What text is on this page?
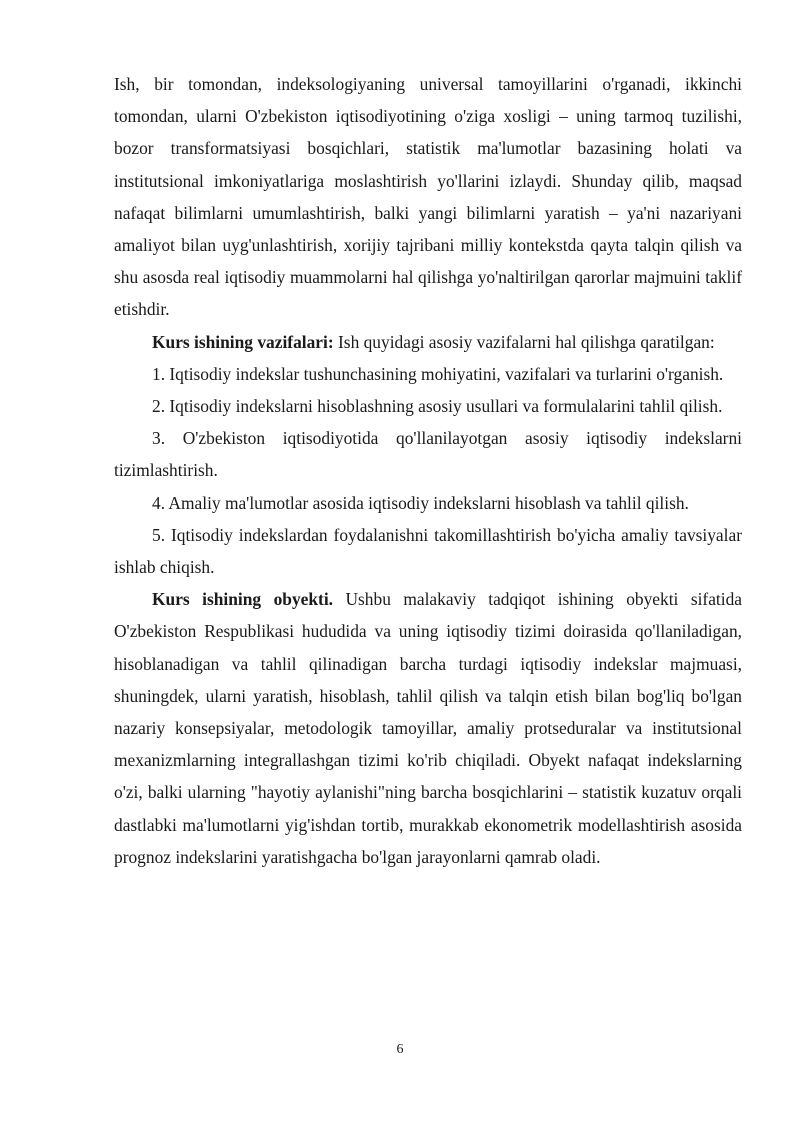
Ish, bir tomondan, indeksologiyaning universal tamoyillarini o'rganadi, ikkinchi tomondan, ularni O'zbekiston iqtisodiyotining o'ziga xosligi – uning tarmoq tuzilishi, bozor transformatsiyasi bosqichlari, statistik ma'lumotlar bazasining holati va institutsional imkoniyatlariga moslashtirish yo'llarini izlaydi. Shunday qilib, maqsad nafaqat bilimlarni umumlashtirish, balki yangi bilimlarni yaratish – ya'ni nazariyani amaliyot bilan uyg'unlashtirish, xorijiy tajribani milliy kontekstda qayta talqin qilish va shu asosda real iqtisodiy muammolarni hal qilishga yo'naltirilgan qarorlar majmuini taklif etishdir.

Kurs ishining vazifalari: Ish quyidagi asosiy vazifalarni hal qilishga qaratilgan:

1. Iqtisodiy indekslar tushunchasining mohiyatini, vazifalari va turlarini o'rganish.

2. Iqtisodiy indekslarni hisoblashning asosiy usullari va formulalarini tahlil qilish.

3. O'zbekiston iqtisodiyotida qo'llanilayotgan asosiy iqtisodiy indekslarni tizimlashtirish.

4. Amaliy ma'lumotlar asosida iqtisodiy indekslarni hisoblash va tahlil qilish.

5. Iqtisodiy indekslardan foydalanishni takomillashtirish bo'yicha amaliy tavsiyalar ishlab chiqish.

Kurs ishining obyekti. Ushbu malakaviy tadqiqot ishining obyekti sifatida O'zbekiston Respublikasi hududida va uning iqtisodiy tizimi doirasida qo'llaniladigan, hisoblanadigan va tahlil qilinadigan barcha turdagi iqtisodiy indekslar majmuasi, shuningdek, ularni yaratish, hisoblash, tahlil qilish va talqin etish bilan bog'liq bo'lgan nazariy konsepsiyalar, metodologik tamoyillar, amaliy protseduralar va institutsional mexanizmlarning integrallashgan tizimi ko'rib chiqiladi. Obyekt nafaqat indekslarning o'zi, balki ularning "hayotiy aylanishi"ning barcha bosqichlarini – statistik kuzatuv orqali dastlabki ma'lumotlarni yig'ishdan tortib, murakkab ekonometrik modellashtirish asosida prognoz indekslarini yaratishgacha bo'lgan jarayonlarni qamrab oladi.

6
